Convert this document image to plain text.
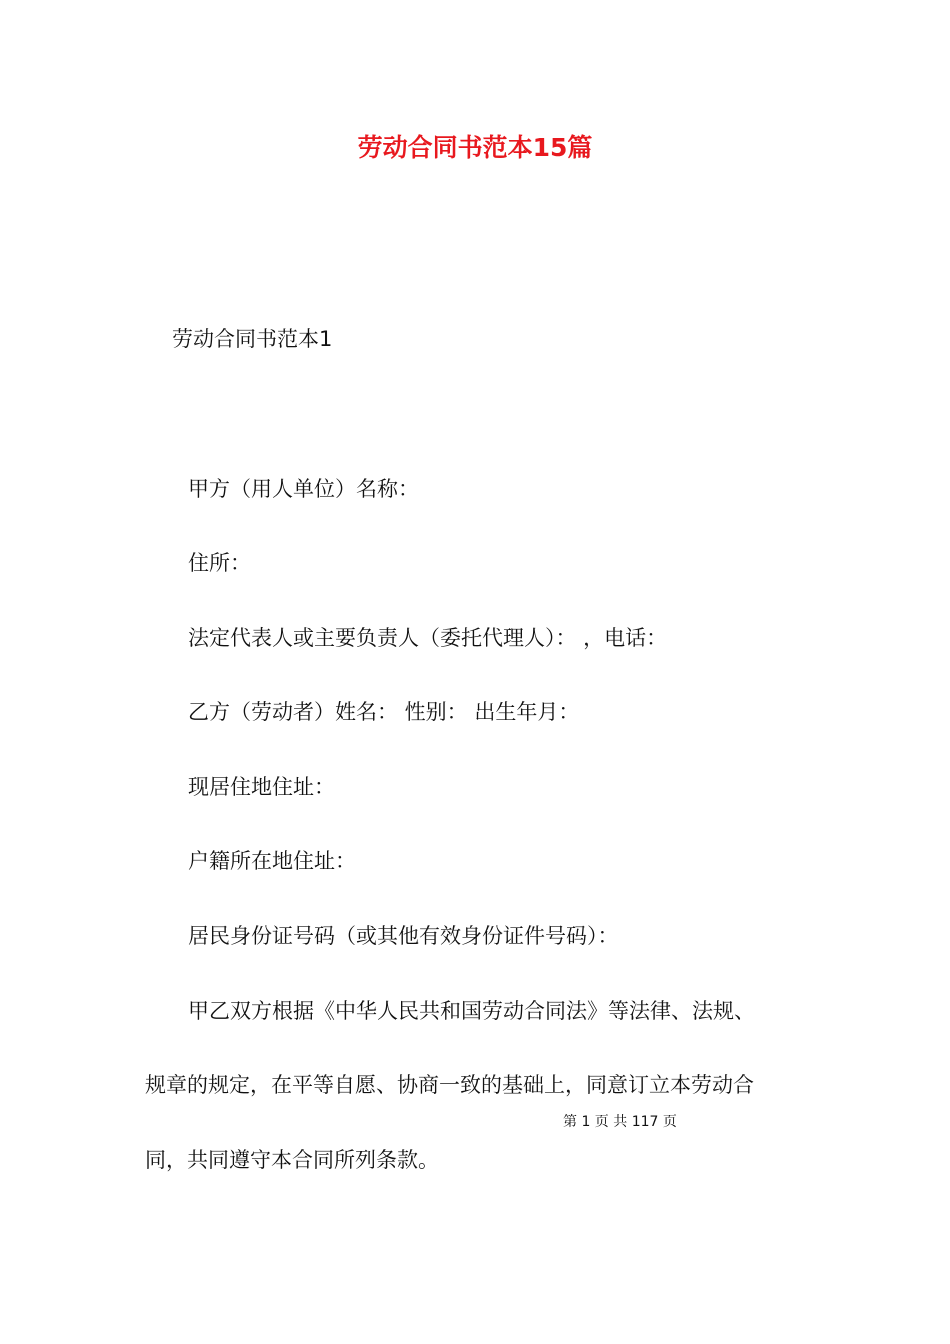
劳动合同书范本15篇
劳动合同书范本1
甲方（用人单位）名称：
住所：
法定代表人或主要负责人（委托代理人）： ，电话：
乙方（劳动者）姓名： 性别： 出生年月：
现居住地住址：
户籍所在地住址：
居民身份证号码（或其他有效身份证件号码）：
甲乙双方根据《中华人民共和国劳动合同法》等法律、法规、
规章的规定，在平等自愿、协商一致的基础上，同意订立本劳动合
同，共同遵守本合同所列条款。
第 1 页 共 117 页
